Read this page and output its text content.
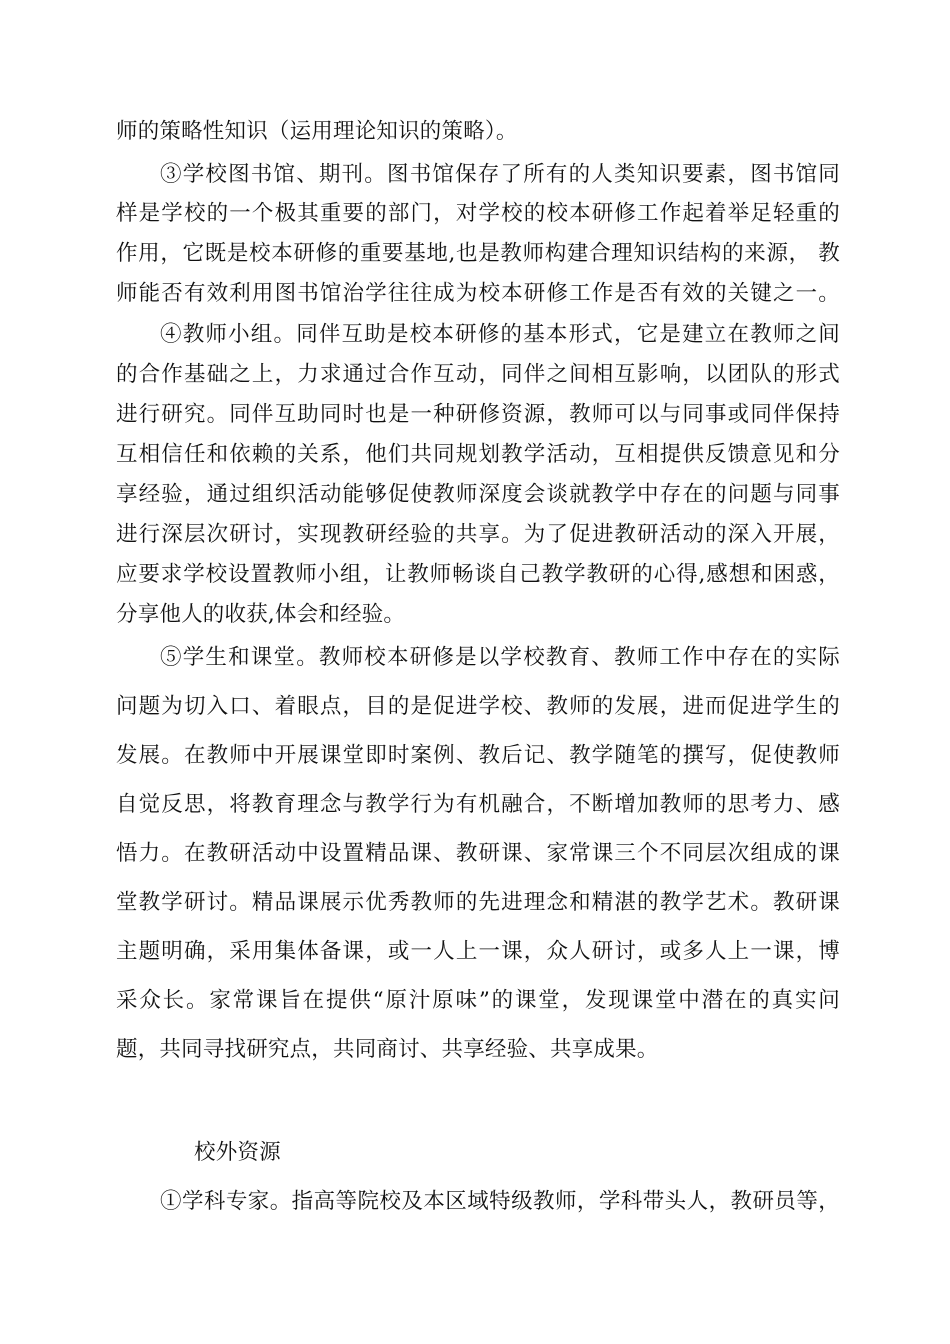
师的策略性知识（运用理论知识的策略）。
③学校图书馆、期刊。图书馆保存了所有的人类知识要素，图书馆同
样是学校的一个极其重要的部门，对学校的校本研修工作起着举足轻重的
作用，它既是校本研修的重要基地,也是教师构建合理知识结构的来源， 教
师能否有效利用图书馆治学往往成为校本研修工作是否有效的关键之一。
④教师小组。同伴互助是校本研修的基本形式，它是建立在教师之间
的合作基础之上，力求通过合作互动，同伴之间相互影响，以团队的形式
进行研究。同伴互助同时也是一种研修资源，教师可以与同事或同伴保持
互相信任和依赖的关系，他们共同规划教学活动，互相提供反馈意见和分
享经验，通过组织活动能够促使教师深度会谈就教学中存在的问题与同事
进行深层次研讨，实现教研经验的共享。为了促进教研活动的深入开展，
应要求学校设置教师小组，让教师畅谈自己教学教研的心得,感想和困惑，
分享他人的收获,体会和经验。
⑤学生和课堂。教师校本研修是以学校教育、教师工作中存在的实际
问题为切入口、着眼点，目的是促进学校、教师的发展，进而促进学生的
发展。在教师中开展课堂即时案例、教后记、教学随笔的撰写，促使教师
自觉反思，将教育理念与教学行为有机融合，不断增加教师的思考力、感
悟力。在教研活动中设置精品课、教研课、家常课三个不同层次组成的课
堂教学研讨。精品课展示优秀教师的先进理念和精湛的教学艺术。教研课
主题明确，采用集体备课，或一人上一课，众人研讨，或多人上一课，博
采众长。家常课旨在提供“原汁原味”的课堂，发现课堂中潜在的真实问
题，共同寻找研究点，共同商讨、共享经验、共享成果。
校外资源
①学科专家。指高等院校及本区域特级教师，学科带头人，教研员等，
